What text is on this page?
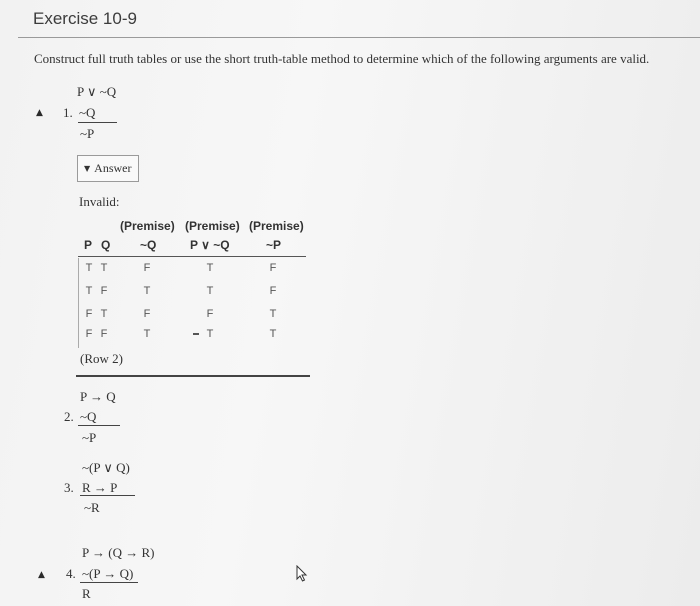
Exercise 10-9
Construct full truth tables or use the short truth-table method to determine which of the following arguments are valid.
▲ 1.
P ∨ ~Q
~Q
~P
▼ Answer
Invalid:
(Premise) (Premise) (Premise)
P Q ~Q	P ∨ ~Q	~P
T T	F	T	F
T F	T	T	F
F T	F	F	T
F F	T	T	T
(Row 2)
P → Q
2. ~Q
~P
~(P ∨ Q)
3. R → P
~R
P → (Q → R)
▲ 4. ~(P → Q)
R
